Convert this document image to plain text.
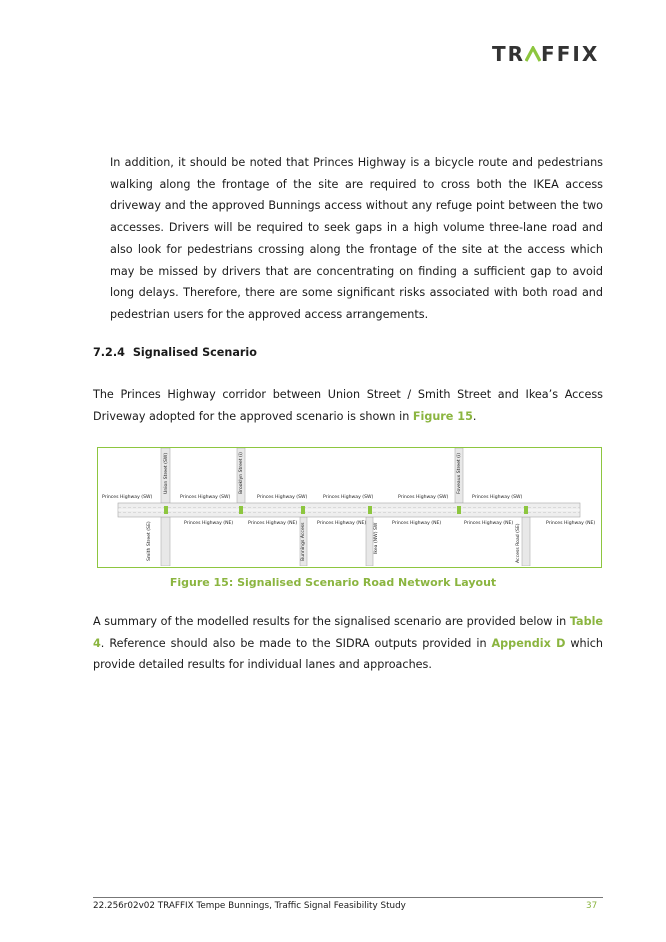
TR FFIX

In addition, it should be noted that Princes Highway is a bicycle route and pedestrians walking along the frontage of the site are required to cross both the IKEA access driveway and the approved Bunnings access without any refuge point between the two accesses. Drivers will be required to seek gaps in a high volume three-lane road and also look for pedestrians crossing along the frontage of the site at the access which may be missed by drivers that are concentrating on finding a sufficient gap to avoid long delays. Therefore, there are some significant risks associated with both road and pedestrian users for the approved access arrangements.

7.2.4 Signalised Scenario

The Princes Highway corridor between Union Street / Smith Street and Ikea’s Access Driveway adopted for the approved scenario is shown in Figure 15.

Princes Highway (SW)	Princes Highway (SW)	Princes Highway (SW)	Princes Highway (SW)	Princes Highway (SW)	Princes Highway (SW)
Princes Highway (NE)	Princes Highway (NE)	Princes Highway (NE)	Princes Highway (NE)	Princes Highway (NE)	Princes Highway (NE)
Union Street (SW)	Brooklyn Street (i)	Foveaux Street (i)
Smith Street (SE)	Bunnings Access	Ikea (NW) SW	Access Road (SE)
Figure 15: Signalised Scenario Road Network Layout

A summary of the modelled results for the signalised scenario are provided below in Table 4. Reference should also be made to the SIDRA outputs provided in Appendix D which provide detailed results for individual lanes and approaches.

22.256r02v02 TRAFFIX Tempe Bunnings, Traffic Signal Feasibility Study	37
